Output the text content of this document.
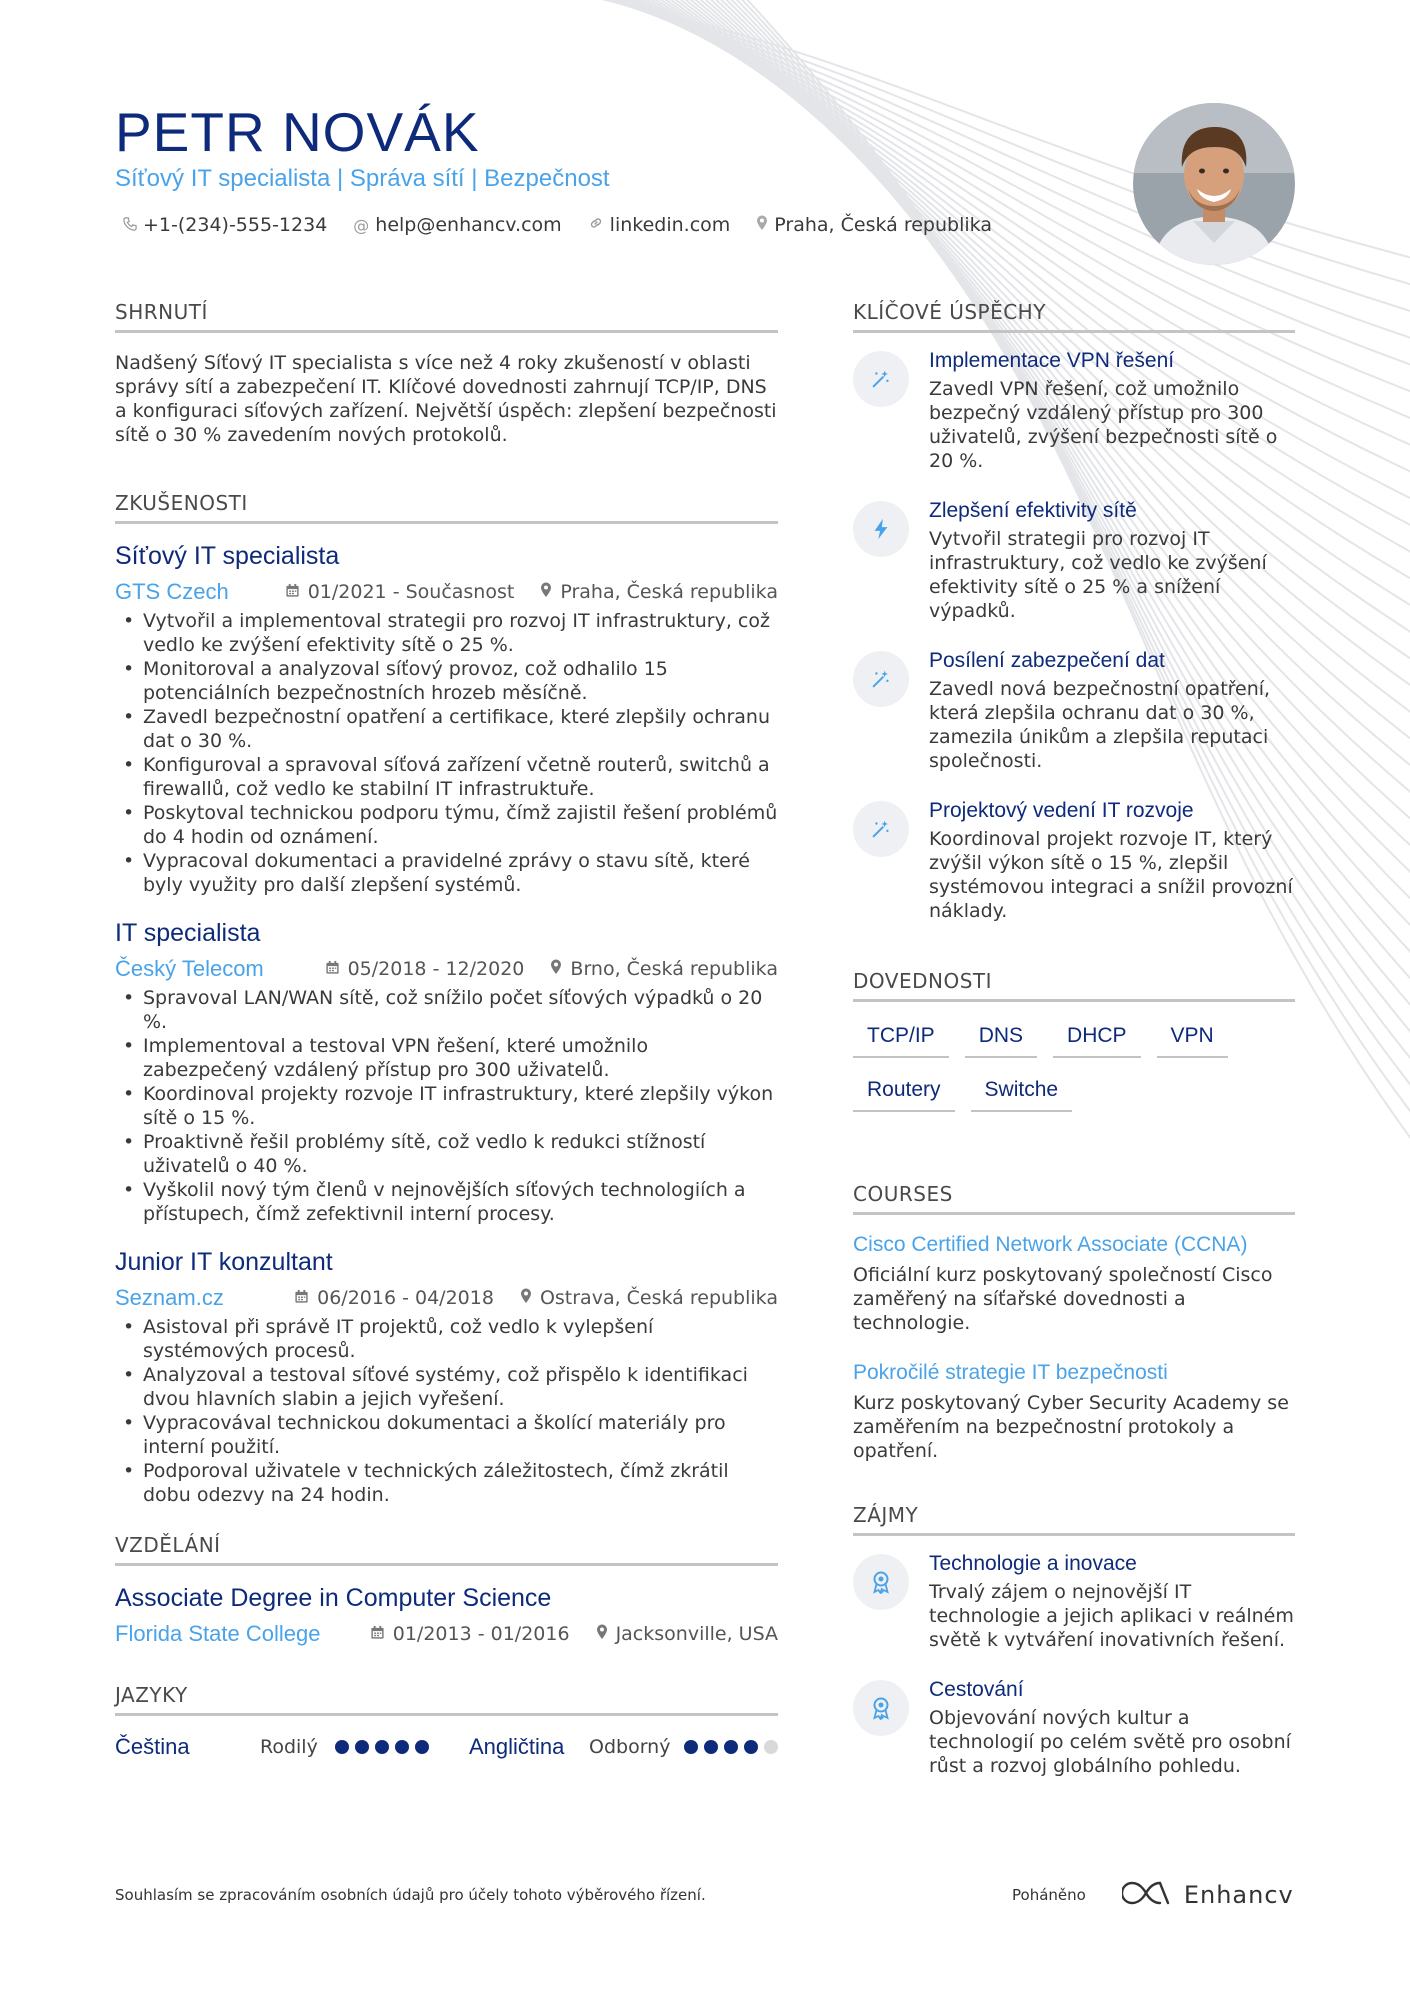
PETR NOVÁK
Síťový IT specialista | Správa sítí | Bezpečnost
+1-(234)-555-1234 @ help@enhancv.com	linkedin.com Praha, Česká republika
SHRNUTÍ

Nadšený Síťový IT specialista s více než 4 roky zkušeností v oblasti správy sítí a zabezpečení IT. Klíčové dovednosti zahrnují TCP/IP, DNS a konfiguraci síťových zařízení. Největší úspěch: zlepšení bezpečnosti sítě o 30 % zavedením nových protokolů.

ZKUŠENOSTI
Síťový IT specialista
GTS Czech	01/2021 - Současnost Praha, Česká republika
• Vytvořil a implementoval strategii pro rozvoj IT infrastruktury, což vedlo ke zvýšení efektivity sítě o 25 %.
• Monitoroval a analyzoval síťový provoz, což odhalilo 15 potenciálních bezpečnostních hrozeb měsíčně.
• Zavedl bezpečnostní opatření a certifikace, které zlepšily ochranu dat o 30 %.
• Konfiguroval a spravoval síťová zařízení včetně routerů, switchů a firewallů, což vedlo ke stabilní IT infrastruktuře.
• Poskytoval technickou podporu týmu, čímž zajistil řešení problémů do 4 hodin od oznámení.
• Vypracoval dokumentaci a pravidelné zprávy o stavu sítě, které byly využity pro další zlepšení systémů.
IT specialista
Český Telecom	05/2018 - 12/2020 Brno, Česká republika
• Spravoval LAN/WAN sítě, což snížilo počet síťových výpadků o 20 %.
• Implementoval a testoval VPN řešení, které umožnilo zabezpečený vzdálený přístup pro 300 uživatelů.
• Koordinoval projekty rozvoje IT infrastruktury, které zlepšily výkon sítě o 15 %.
• Proaktivně řešil problémy sítě, což vedlo k redukci stížností uživatelů o 40 %.
• Vyškolil nový tým členů v nejnovějších síťových technologiích a přístupech, čímž zefektivnil interní procesy.
Junior IT konzultant
Seznam.cz	06/2016 - 04/2018 Ostrava, Česká republika
• Asistoval při správě IT projektů, což vedlo k vylepšení systémových procesů.
• Analyzoval a testoval síťové systémy, což přispělo k identifikaci dvou hlavních slabin a jejich vyřešení.
• Vypracovával technickou dokumentaci a školící materiály pro interní použití.
• Podporoval uživatele v technických záležitostech, čímž zkrátil dobu odezvy na 24 hodin.
VZDĚLÁNÍ
Associate Degree in Computer Science
Florida State College	01/2013 - 01/2016 Jacksonville, USA
JAZYKY
Čeština	Rodilý	Angličtina	Odborný
KLÍČOVÉ ÚSPĚCHY
Implementace VPN řešení

Zavedl VPN řešení, což umožnilo bezpečný vzdálený přístup pro 300 uživatelů, zvýšení bezpečnosti sítě o 20 %.

Zlepšení efektivity sítě

Vytvořil strategii pro rozvoj IT infrastruktury, což vedlo ke zvýšení efektivity sítě o 25 % a snížení výpadků.

Posílení zabezpečení dat

Zavedl nová bezpečnostní opatření, která zlepšila ochranu dat o 30 %, zamezila únikům a zlepšila reputaci společnosti.

Projektový vedení IT rozvoje

Koordinoval projekt rozvoje IT, který zvýšil výkon sítě o 15 %, zlepšil systémovou integraci a snížil provozní náklady.

DOVEDNOSTI
TCP/IP	DNS	DHCP	VPN
Routery	Switche
COURSES
Cisco Certified Network Associate (CCNA)

Oficiální kurz poskytovaný společností Cisco zaměřený na síťařské dovednosti a technologie.

Pokročilé strategie IT bezpečnosti

Kurz poskytovaný Cyber Security Academy se zaměřením na bezpečnostní protokoly a opatření.

ZÁJMY
Technologie a inovace

Trvalý zájem o nejnovější IT technologie a jejich aplikaci v reálném světě k vytváření inovativních řešení.

Cestování

Objevování nových kultur a technologií po celém světě pro osobní růst a rozvoj globálního pohledu.

Souhlasím se zpracováním osobních údajů pro účely tohoto výběrového řízení.	Poháněno	Enhancv
